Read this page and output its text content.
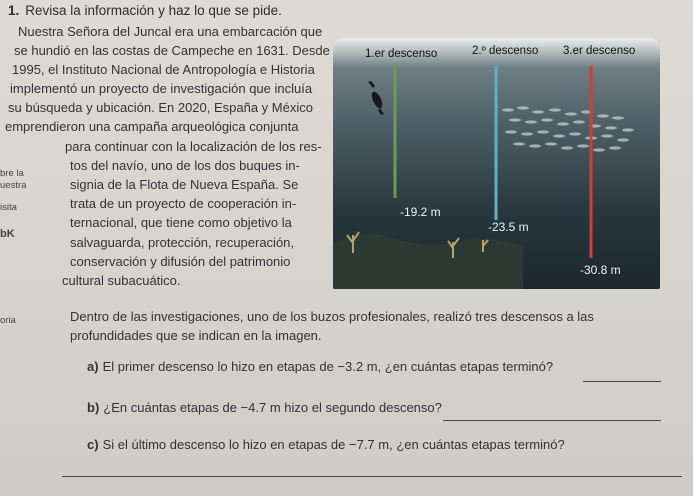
1. Revisa la información y haz lo que se pide.
bre la
uestra
isita
bK
oria
Nuestra Señora del Juncal era una embarcación que
se hundió en las costas de Campeche en 1631. Desde
1995, el Instituto Nacional de Antropología e Historia
implementó un proyecto de investigación que incluía
su búsqueda y ubicación. En 2020, España y México
emprendieron una campaña arqueológica conjunta
para continuar con la localización de los res-
tos del navío, uno de los dos buques in-
signia de la Flota de Nueva España. Se
trata de un proyecto de cooperación in-
ternacional, que tiene como objetivo la
salvaguarda, protección, recuperación,
conservación y difusión del patrimonio
cultural subacuático.
1.er descenso	2.º descenso 3.er descenso
-19.2 m
-23.5 m
-30.8 m
Dentro de las investigaciones, uno de los buzos profesionales, realizó tres descensos a las
profundidades que se indican en la imagen.
a) El primer descenso lo hizo en etapas de −3.2 m, ¿en cuántas etapas terminó?
b) ¿En cuántas etapas de −4.7 m hizo el segundo descenso?
c) Si el último descenso lo hizo en etapas de −7.7 m, ¿en cuántas etapas terminó?
